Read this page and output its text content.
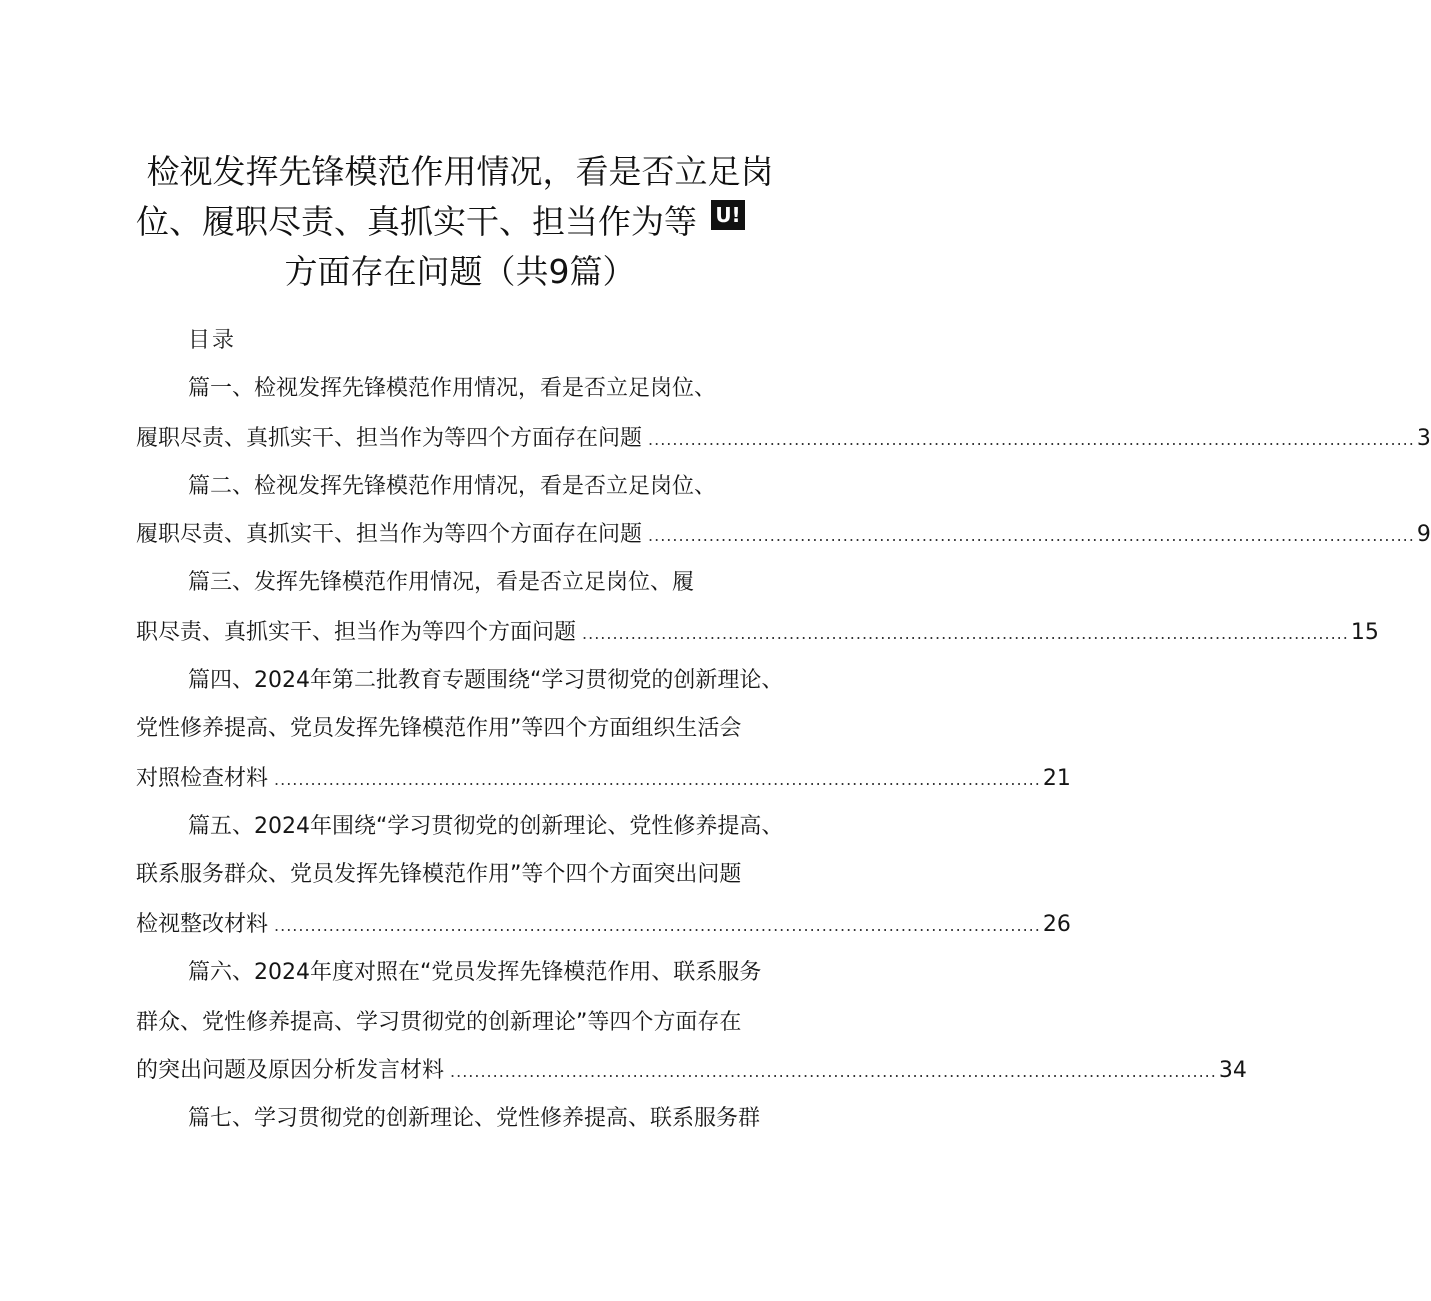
检视发挥先锋模范作用情况，看是否立足岗
位、履职尽责、真抓实干、担当作为等 U!
方面存在问题（共9篇）
目录
篇一、检视发挥先锋模范作用情况，看是否立足岗位、
履职尽责、真抓实干、担当作为等四个方面存在问题 .............................................................................................................................. 3
篇二、检视发挥先锋模范作用情况，看是否立足岗位、
履职尽责、真抓实干、担当作为等四个方面存在问题 .............................................................................................................................. 9
篇三、发挥先锋模范作用情况，看是否立足岗位、履
职尽责、真抓实干、担当作为等四个方面问题 .............................................................................................................................. 15
篇四、2024年第二批教育专题围绕“学习贯彻党的创新理论、
党性修养提高、党员发挥先锋模范作用”等四个方面组织生活会
对照检查材料 .............................................................................................................................. 21
篇五、2024年围绕“学习贯彻党的创新理论、党性修养提高、
联系服务群众、党员发挥先锋模范作用”等个四个方面突出问题
检视整改材料 .............................................................................................................................. 26
篇六、2024年度对照在“党员发挥先锋模范作用、联系服务
群众、党性修养提高、学习贯彻党的创新理论”等四个方面存在
的突出问题及原因分析发言材料 .............................................................................................................................. 34
篇七、学习贯彻党的创新理论、党性修养提高、联系服务群
